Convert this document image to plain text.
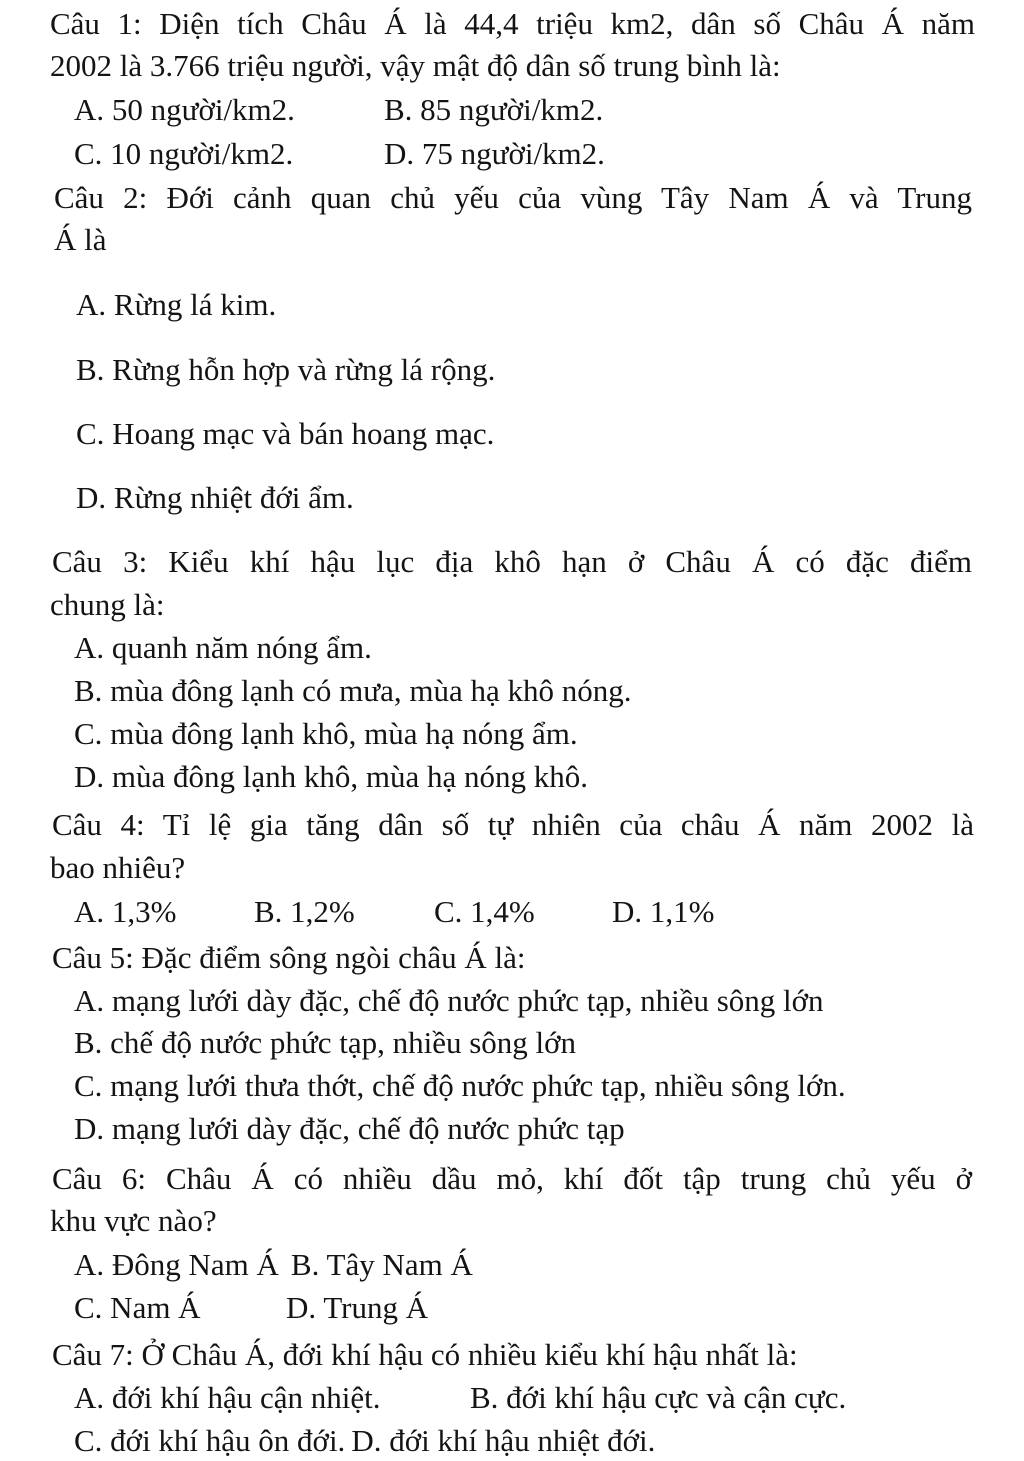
Câu 1: Diện tích Châu Á là 44,4 triệu km2, dân số Châu Á năm
2002 là 3.766 triệu người, vậy mật độ dân số trung bình là:
A. 50 người/km2.	B. 85 người/km2.
C. 10 người/km2.	D. 75 người/km2.
Câu 2: Đới cảnh quan chủ yếu của vùng Tây Nam Á và Trung
Á là
A. Rừng lá kim.
B. Rừng hỗn hợp và rừng lá rộng.
C. Hoang mạc và bán hoang mạc.
D. Rừng nhiệt đới ẩm.
Câu 3: Kiểu khí hậu lục địa khô hạn ở Châu Á có đặc điểm
chung là:
A. quanh năm nóng ẩm.
B. mùa đông lạnh có mưa, mùa hạ khô nóng.
C. mùa đông lạnh khô, mùa hạ nóng ẩm.
D. mùa đông lạnh khô, mùa hạ nóng khô.
Câu 4: Tỉ lệ gia tăng dân số tự nhiên của châu Á năm 2002 là
bao nhiêu?
A. 1,3%	B. 1,2%	C. 1,4% D. 1,1%
Câu 5: Đặc điểm sông ngòi châu Á là:
A. mạng lưới dày đặc, chế độ nước phức tạp, nhiều sông lớn
B. chế độ nước phức tạp, nhiều sông lớn
C. mạng lưới thưa thớt, chế độ nước phức tạp, nhiều sông lớn.
D. mạng lưới dày đặc, chế độ nước phức tạp
Câu 6: Châu Á có nhiều dầu mỏ, khí đốt tập trung chủ yếu ở
khu vực nào?
A. Đông Nam Á B. Tây Nam Á
C. Nam Á	D. Trung Á
Câu 7: Ở Châu Á, đới khí hậu có nhiều kiểu khí hậu nhất là:
A. đới khí hậu cận nhiệt.	B. đới khí hậu cực và cận cực.
C. đới khí hậu ôn đới. D. đới khí hậu nhiệt đới.
